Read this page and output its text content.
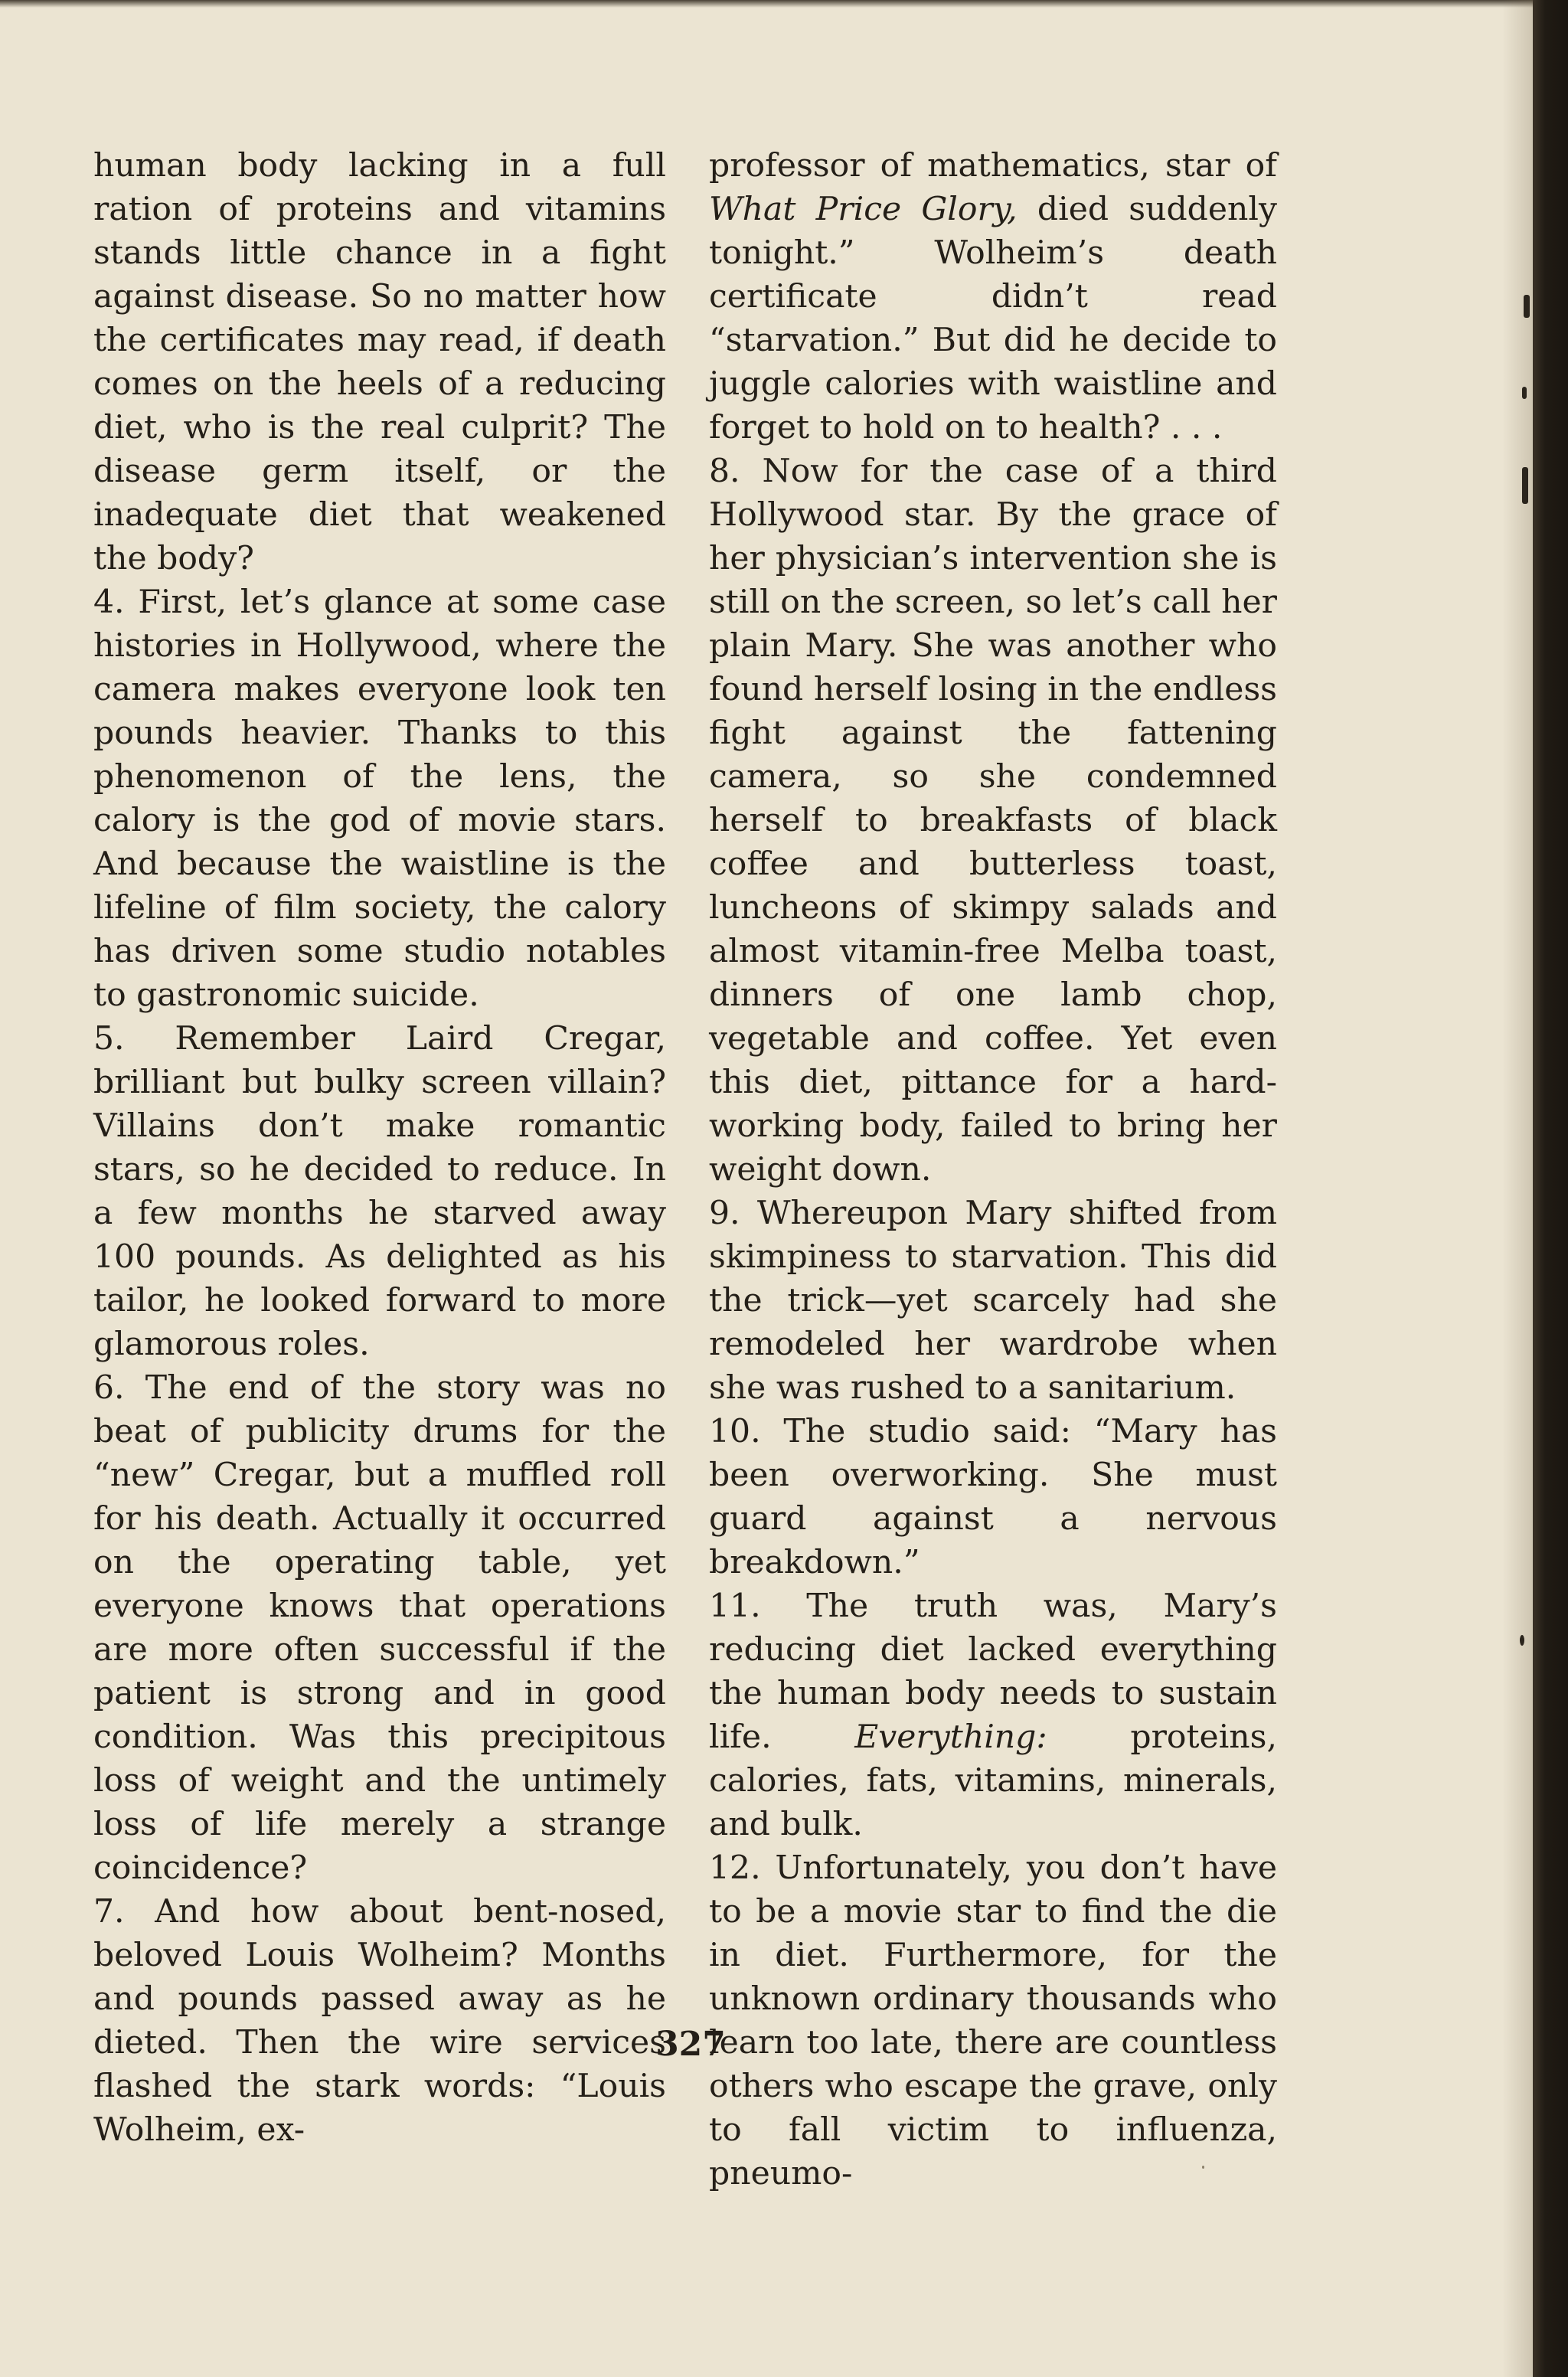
human body lacking in a full ration of proteins and vitamins stands little chance in a fight against disease. So no matter how the certificates may read, if death comes on the heels of a reducing diet, who is the real culprit? The disease germ itself, or the inadequate diet that weakened the body?

4. First, let’s glance at some case histories in Hollywood, where the camera makes everyone look ten pounds heavier. Thanks to this phenomenon of the lens, the calory is the god of movie stars. And because the waistline is the lifeline of film society, the calory has driven some studio notables to gastronomic suicide.

5. Remember Laird Cregar, brilliant but bulky screen villain? Villains don’t make romantic stars, so he decided to reduce. In a few months he starved away 100 pounds. As delighted as his tailor, he looked forward to more glamorous roles.

6. The end of the story was no beat of publicity drums for the “new” Cregar, but a muffled roll for his death. Actually it occurred on the operating table, yet everyone knows that operations are more often successful if the patient is strong and in good condition. Was this precipitous loss of weight and the untimely loss of life merely a strange coincidence?

7. And how about bent-nosed, beloved Louis Wolheim? Months and pounds passed away as he dieted. Then the wire services flashed the stark words: “Louis Wolheim, ex-

professor of mathematics, star of What Price Glory, died suddenly tonight.” Wolheim’s death certificate didn’t read “starvation.” But did he decide to juggle calories with waistline and forget to hold on to health? . . .

8. Now for the case of a third Hollywood star. By the grace of her physician’s intervention she is still on the screen, so let’s call her plain Mary. She was another who found herself losing in the endless fight against the fattening camera, so she condemned herself to breakfasts of black coffee and butterless toast, luncheons of skimpy salads and almost vitamin-free Melba toast, dinners of one lamb chop, vegetable and coffee. Yet even this diet, pittance for a hard-working body, failed to bring her weight down.

9. Whereupon Mary shifted from skimpiness to starvation. This did the trick—yet scarcely had she remodeled her wardrobe when she was rushed to a sanitarium.

10. The studio said: “Mary has been overworking. She must guard against a nervous breakdown.”

11. The truth was, Mary’s reducing diet lacked everything the human body needs to sustain life. Everything: proteins, calories, fats, vitamins, minerals, and bulk.

12. Unfortunately, you don’t have to be a movie star to find the die in diet. Furthermore, for the unknown ordinary thousands who learn too late, there are countless others who escape the grave, only to fall victim to influenza, pneumo-

327
